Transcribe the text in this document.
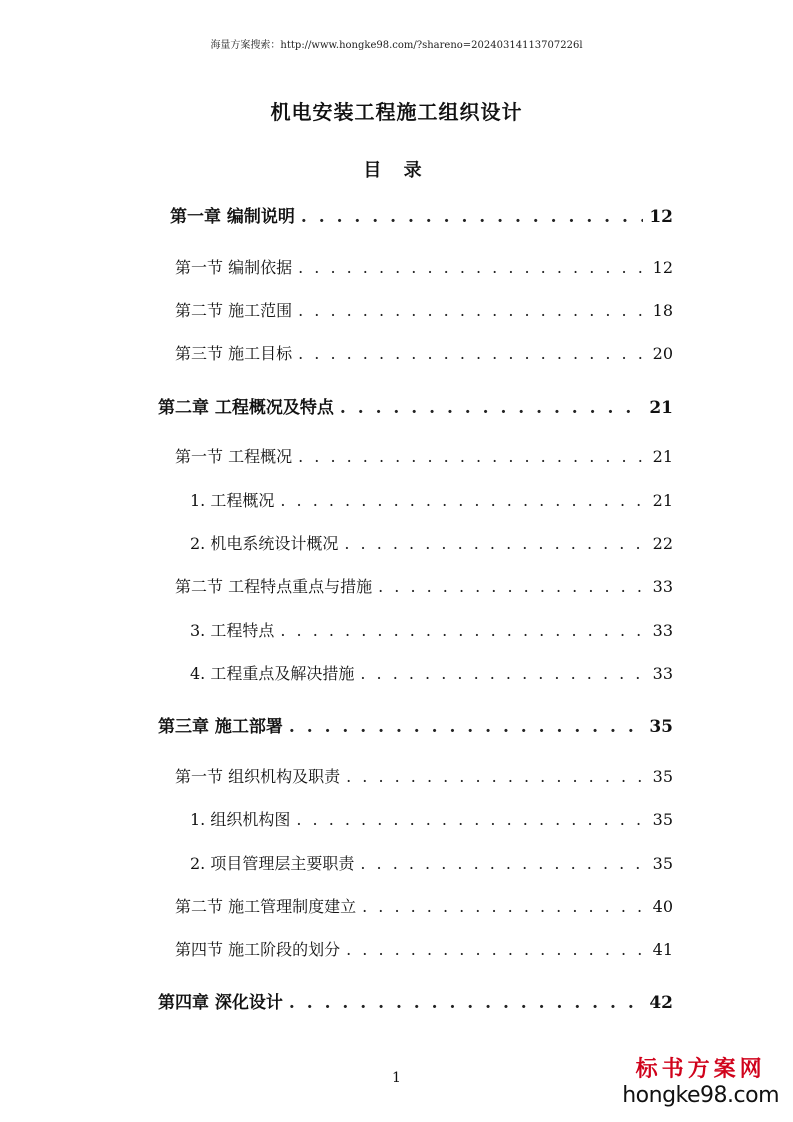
海量方案搜索：http://www.hongke98.com/?shareno=20240314113707226l
机电安装工程施工组织设计
目 录
第一章 编制说明 . . .	12
第一节 编制依据 . . .	12
第二节 施工范围 . . .	18
第三节 施工目标 . . .	20
第二章 工程概况及特点 . . .	21
第一节 工程概况 . . .	21
1. 工程概况 . . .	21
2. 机电系统设计概况 . . .	22
第二节 工程特点重点与措施 . . .	33
3. 工程特点 . . .	33
4. 工程重点及解决措施 . . .	33
第三章 施工部署 . . .	35
第一节 组织机构及职责 . . .	35
1. 组织机构图 . . .	35
2. 项目管理层主要职责 . . .	35
第二节 施工管理制度建立 . . .	40
第四节 施工阶段的划分 . . .	41
第四章 深化设计 . . .	42
1	标书方案网
hongke98.com
